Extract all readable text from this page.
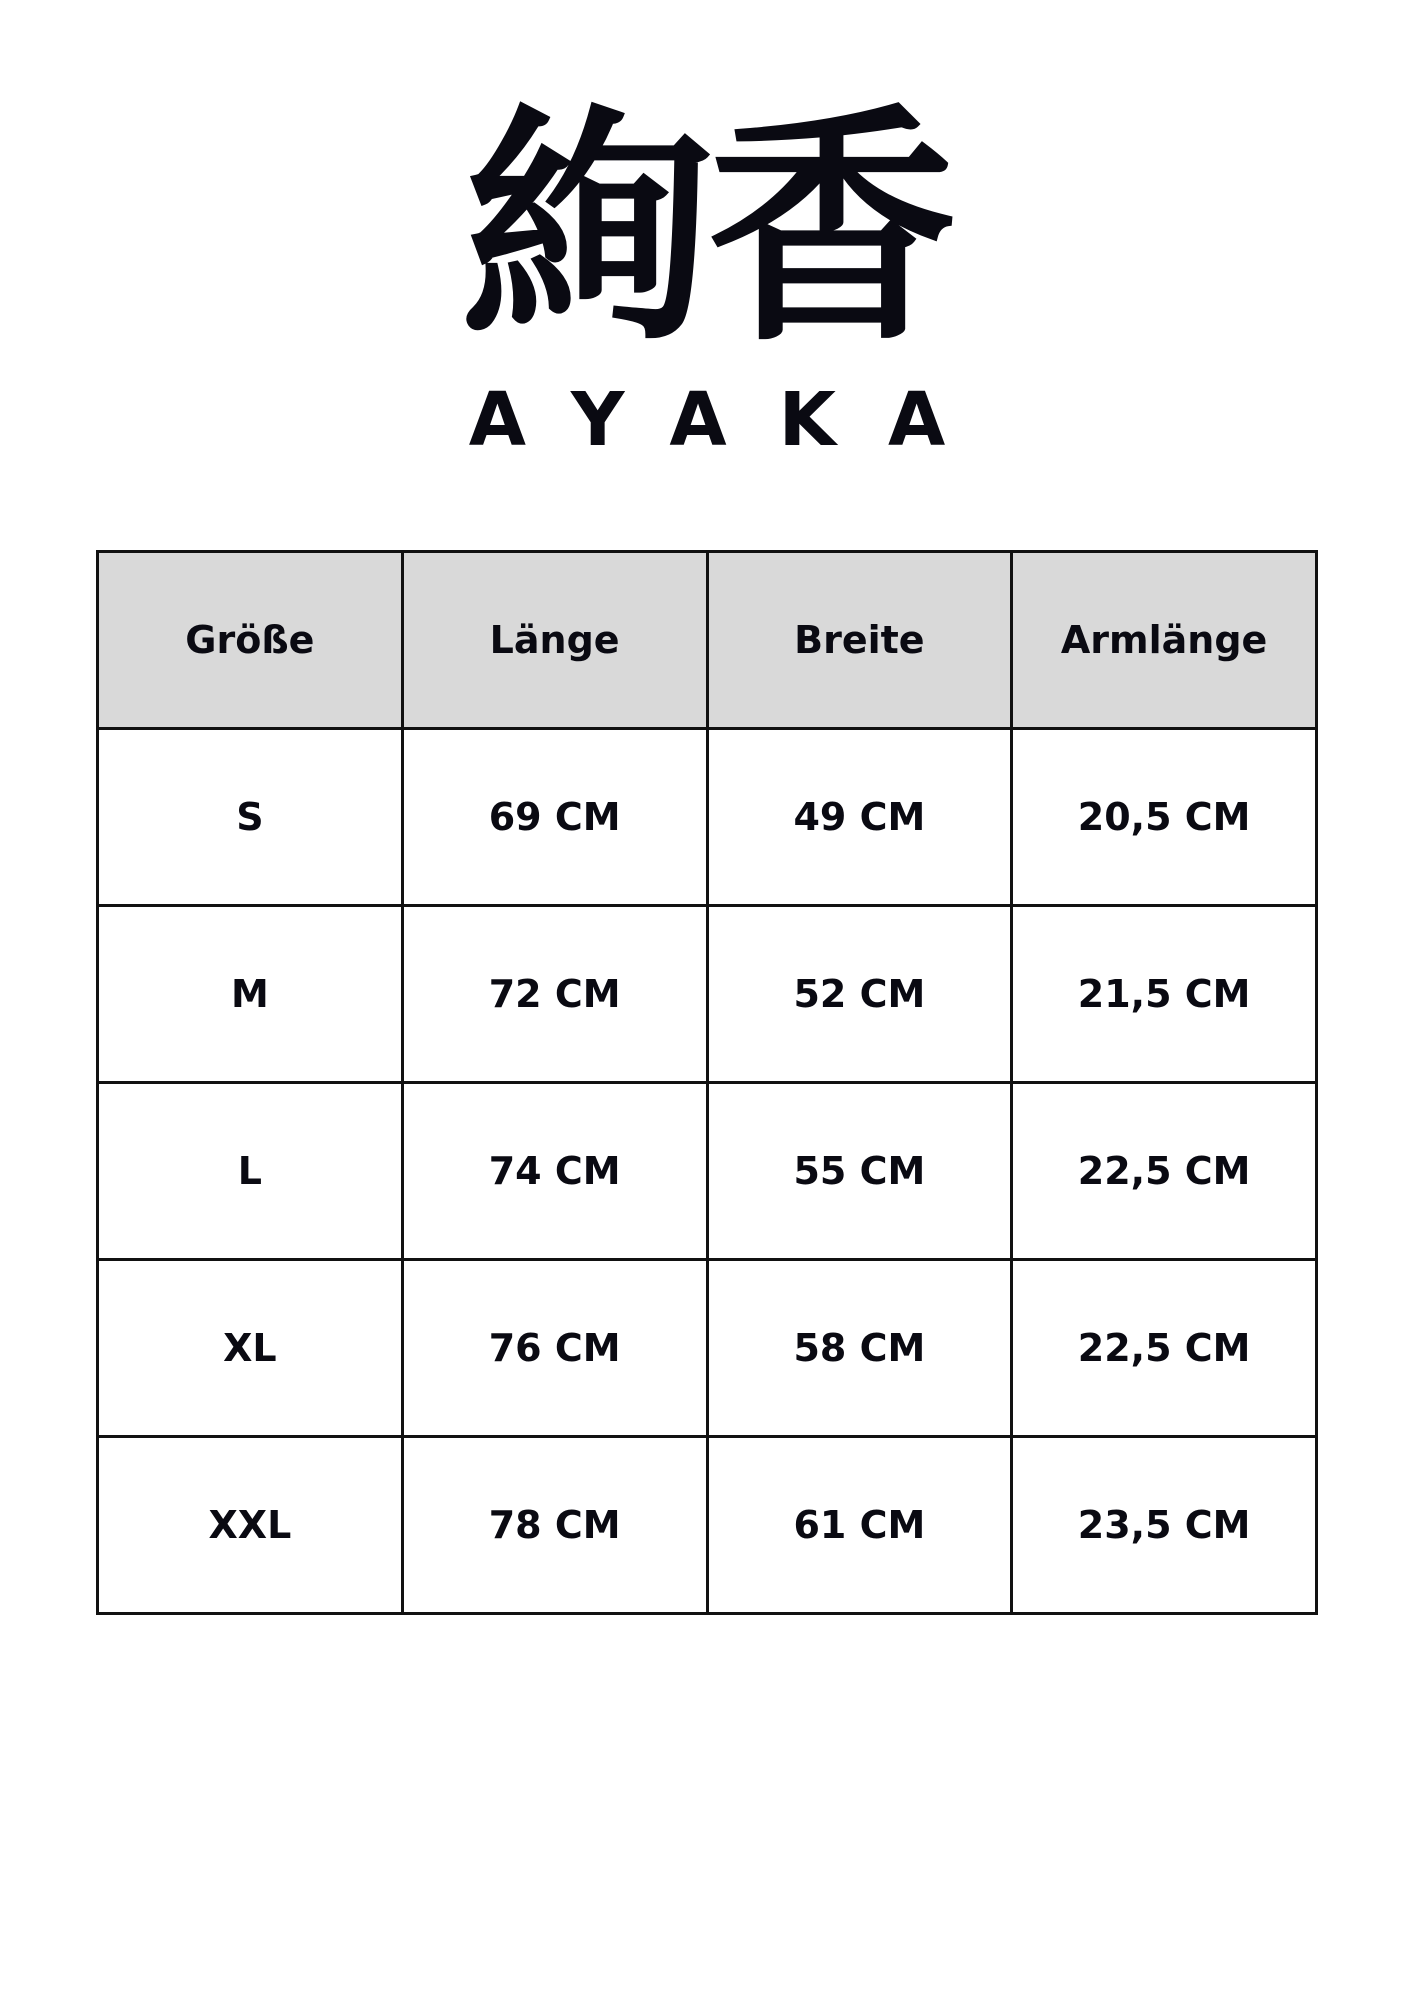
絢香
AYAKA
Größe	Länge	Breite	Armlänge
S	69 CM	49 CM	20,5 CM
M	72 CM	52 CM	21,5 CM
L	74 CM	55 CM	22,5 CM
XL	76 CM	58 CM	22,5 CM
XXL	78 CM	61 CM	23,5 CM
